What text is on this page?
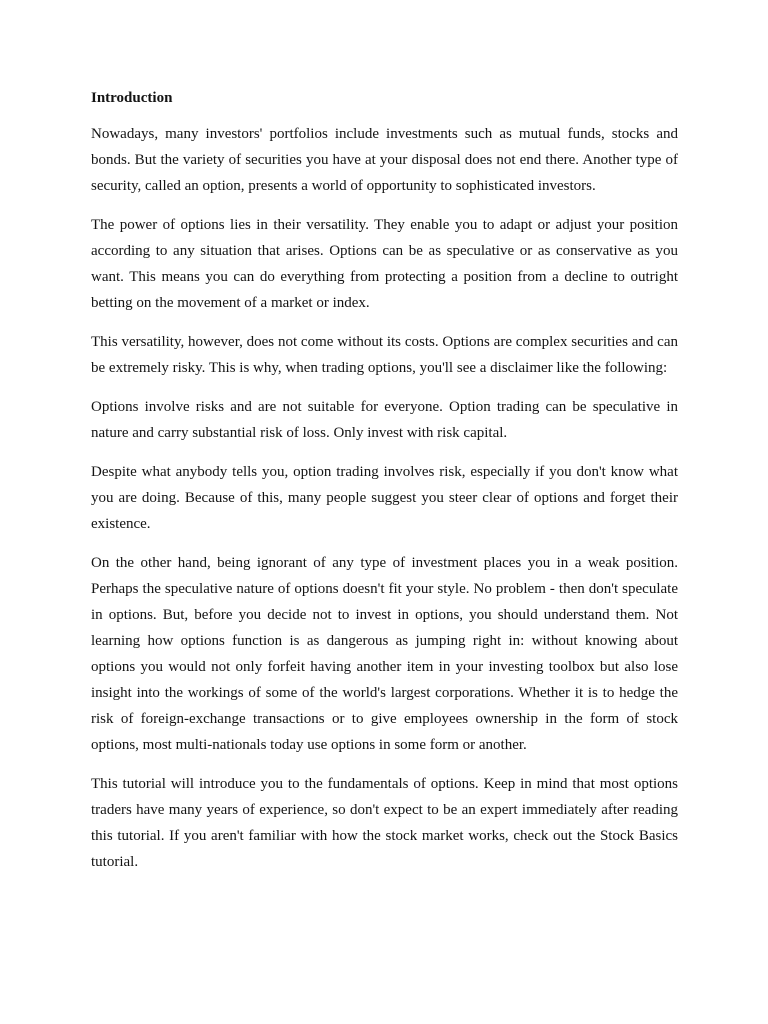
Introduction

Nowadays, many investors' portfolios include investments such as mutual funds, stocks and bonds. But the variety of securities you have at your disposal does not end there. Another type of security, called an option, presents a world of opportunity to sophisticated investors.

The power of options lies in their versatility. They enable you to adapt or adjust your position according to any situation that arises. Options can be as speculative or as conservative as you want. This means you can do everything from protecting a position from a decline to outright betting on the movement of a market or index.

This versatility, however, does not come without its costs. Options are complex securities and can be extremely risky. This is why, when trading options, you'll see a disclaimer like the following:

Options involve risks and are not suitable for everyone. Option trading can be speculative in nature and carry substantial risk of loss. Only invest with risk capital.

Despite what anybody tells you, option trading involves risk, especially if you don't know what you are doing. Because of this, many people suggest you steer clear of options and forget their existence.

On the other hand, being ignorant of any type of investment places you in a weak position. Perhaps the speculative nature of options doesn't fit your style. No problem - then don't speculate in options. But, before you decide not to invest in options, you should understand them. Not learning how options function is as dangerous as jumping right in: without knowing about options you would not only forfeit having another item in your investing toolbox but also lose insight into the workings of some of the world's largest corporations. Whether it is to hedge the risk of foreign-exchange transactions or to give employees ownership in the form of stock options, most multi-nationals today use options in some form or another.

This tutorial will introduce you to the fundamentals of options. Keep in mind that most options traders have many years of experience, so don't expect to be an expert immediately after reading this tutorial. If you aren't familiar with how the stock market works, check out the Stock Basics tutorial.
